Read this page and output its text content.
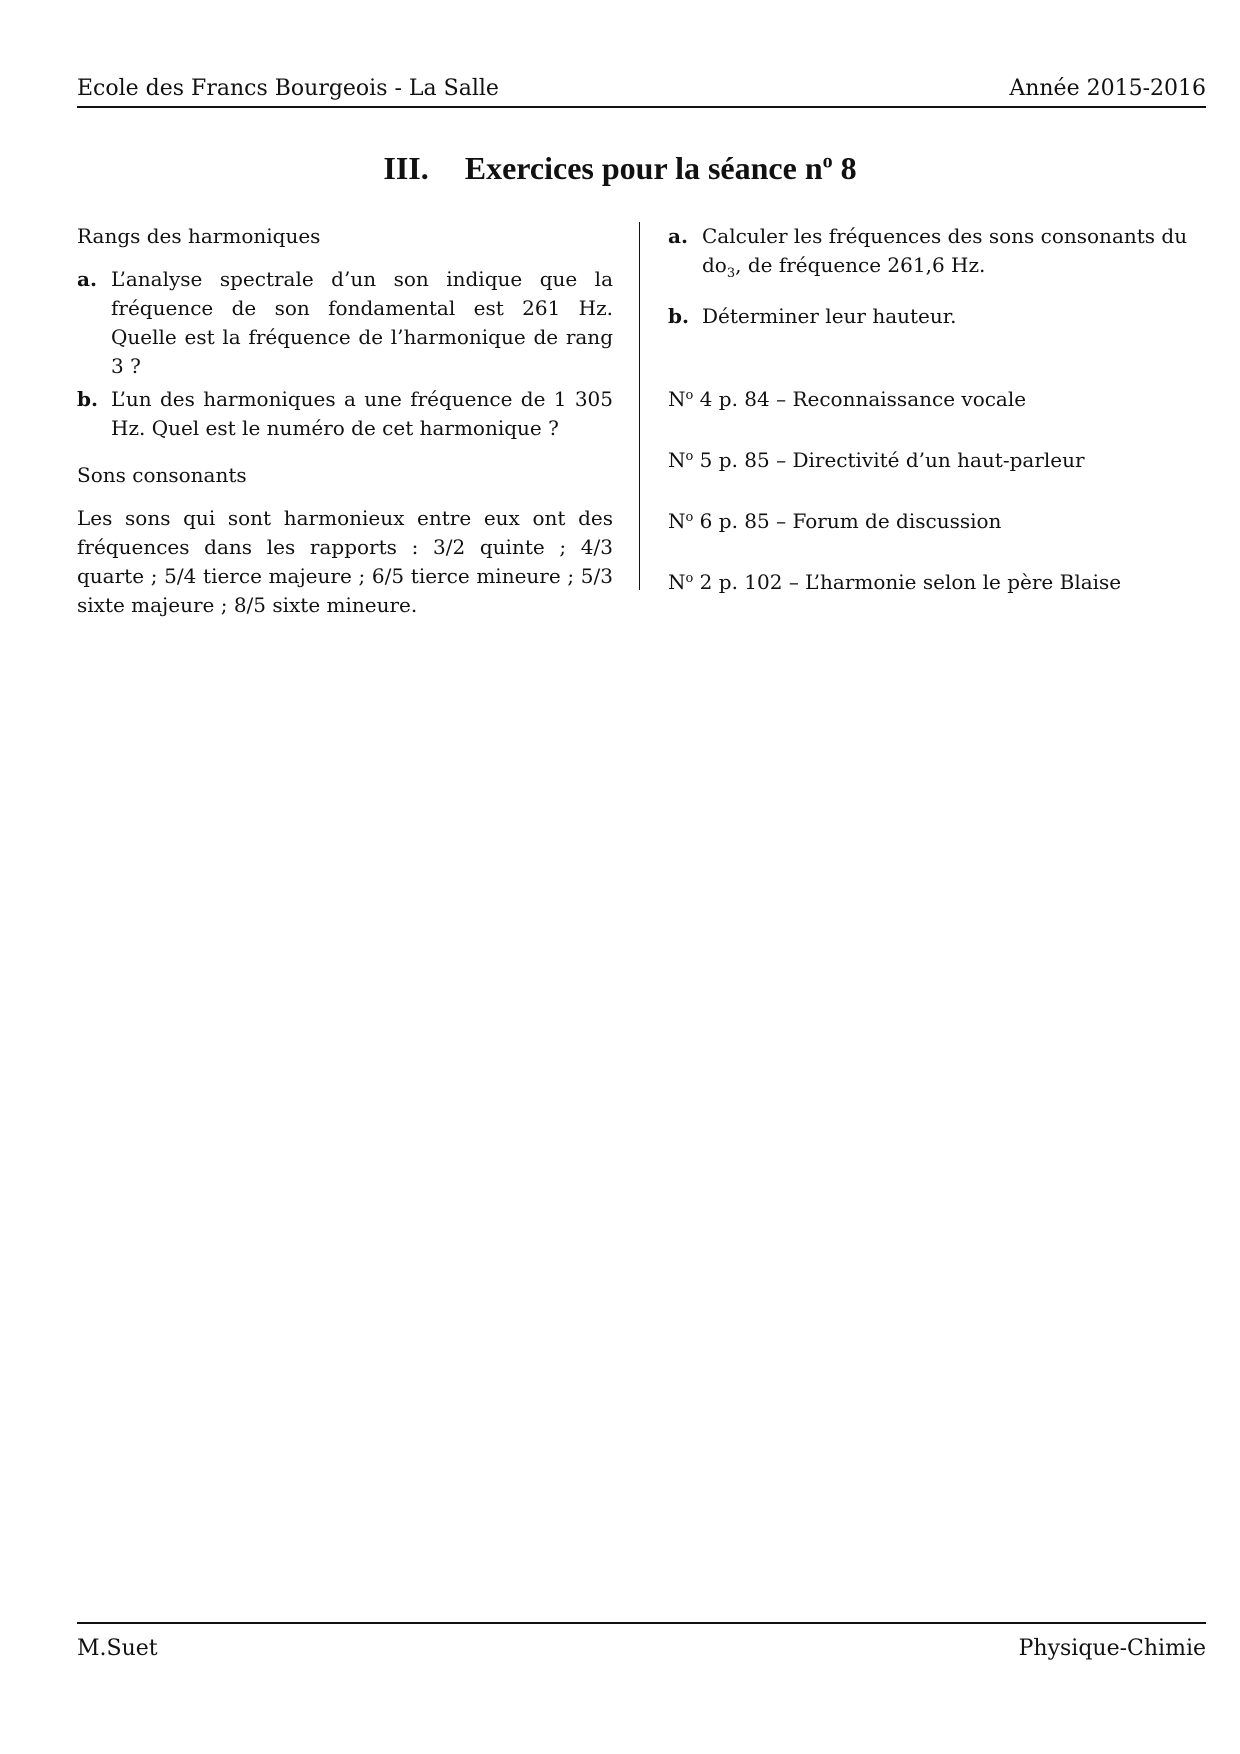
Ecole des Francs Bourgeois - La Salle	Année 2015-2016
III. Exercices pour la séance $n^o$ 8

Rangs des harmoniques

a. L’analyse spectrale d’un son indique que la fréquence de son fondamental est 261 Hz. Quelle est la fréquence de l’harmonique de rang 3 ?
b. L’un des harmoniques a une fréquence de 1 305 Hz. Quel est le numéro de cet harmonique ?

Sons consonants

Les sons qui sont harmonieux entre eux ont des fréquences dans les rapports : 3/2 quinte ; 4/3 quarte ; 5/4 tierce majeure ; 6/5 tierce mineure ; 5/3 sixte majeure ; 8/5 sixte mineure.

a. Calculer les fréquences des sons consonants du $do_3$, de fréquence 261,6 Hz.
b. Déterminer leur hauteur.

$N^o$ 4 p. 84 – Reconnaissance vocale

$N^o$ 5 p. 85 – Directivité d’un haut-parleur

$N^o$ 6 p. 85 – Forum de discussion

$N^o$ 2 p. 102 – L’harmonie selon le père Blaise

M.Suet	Physique-Chimie
